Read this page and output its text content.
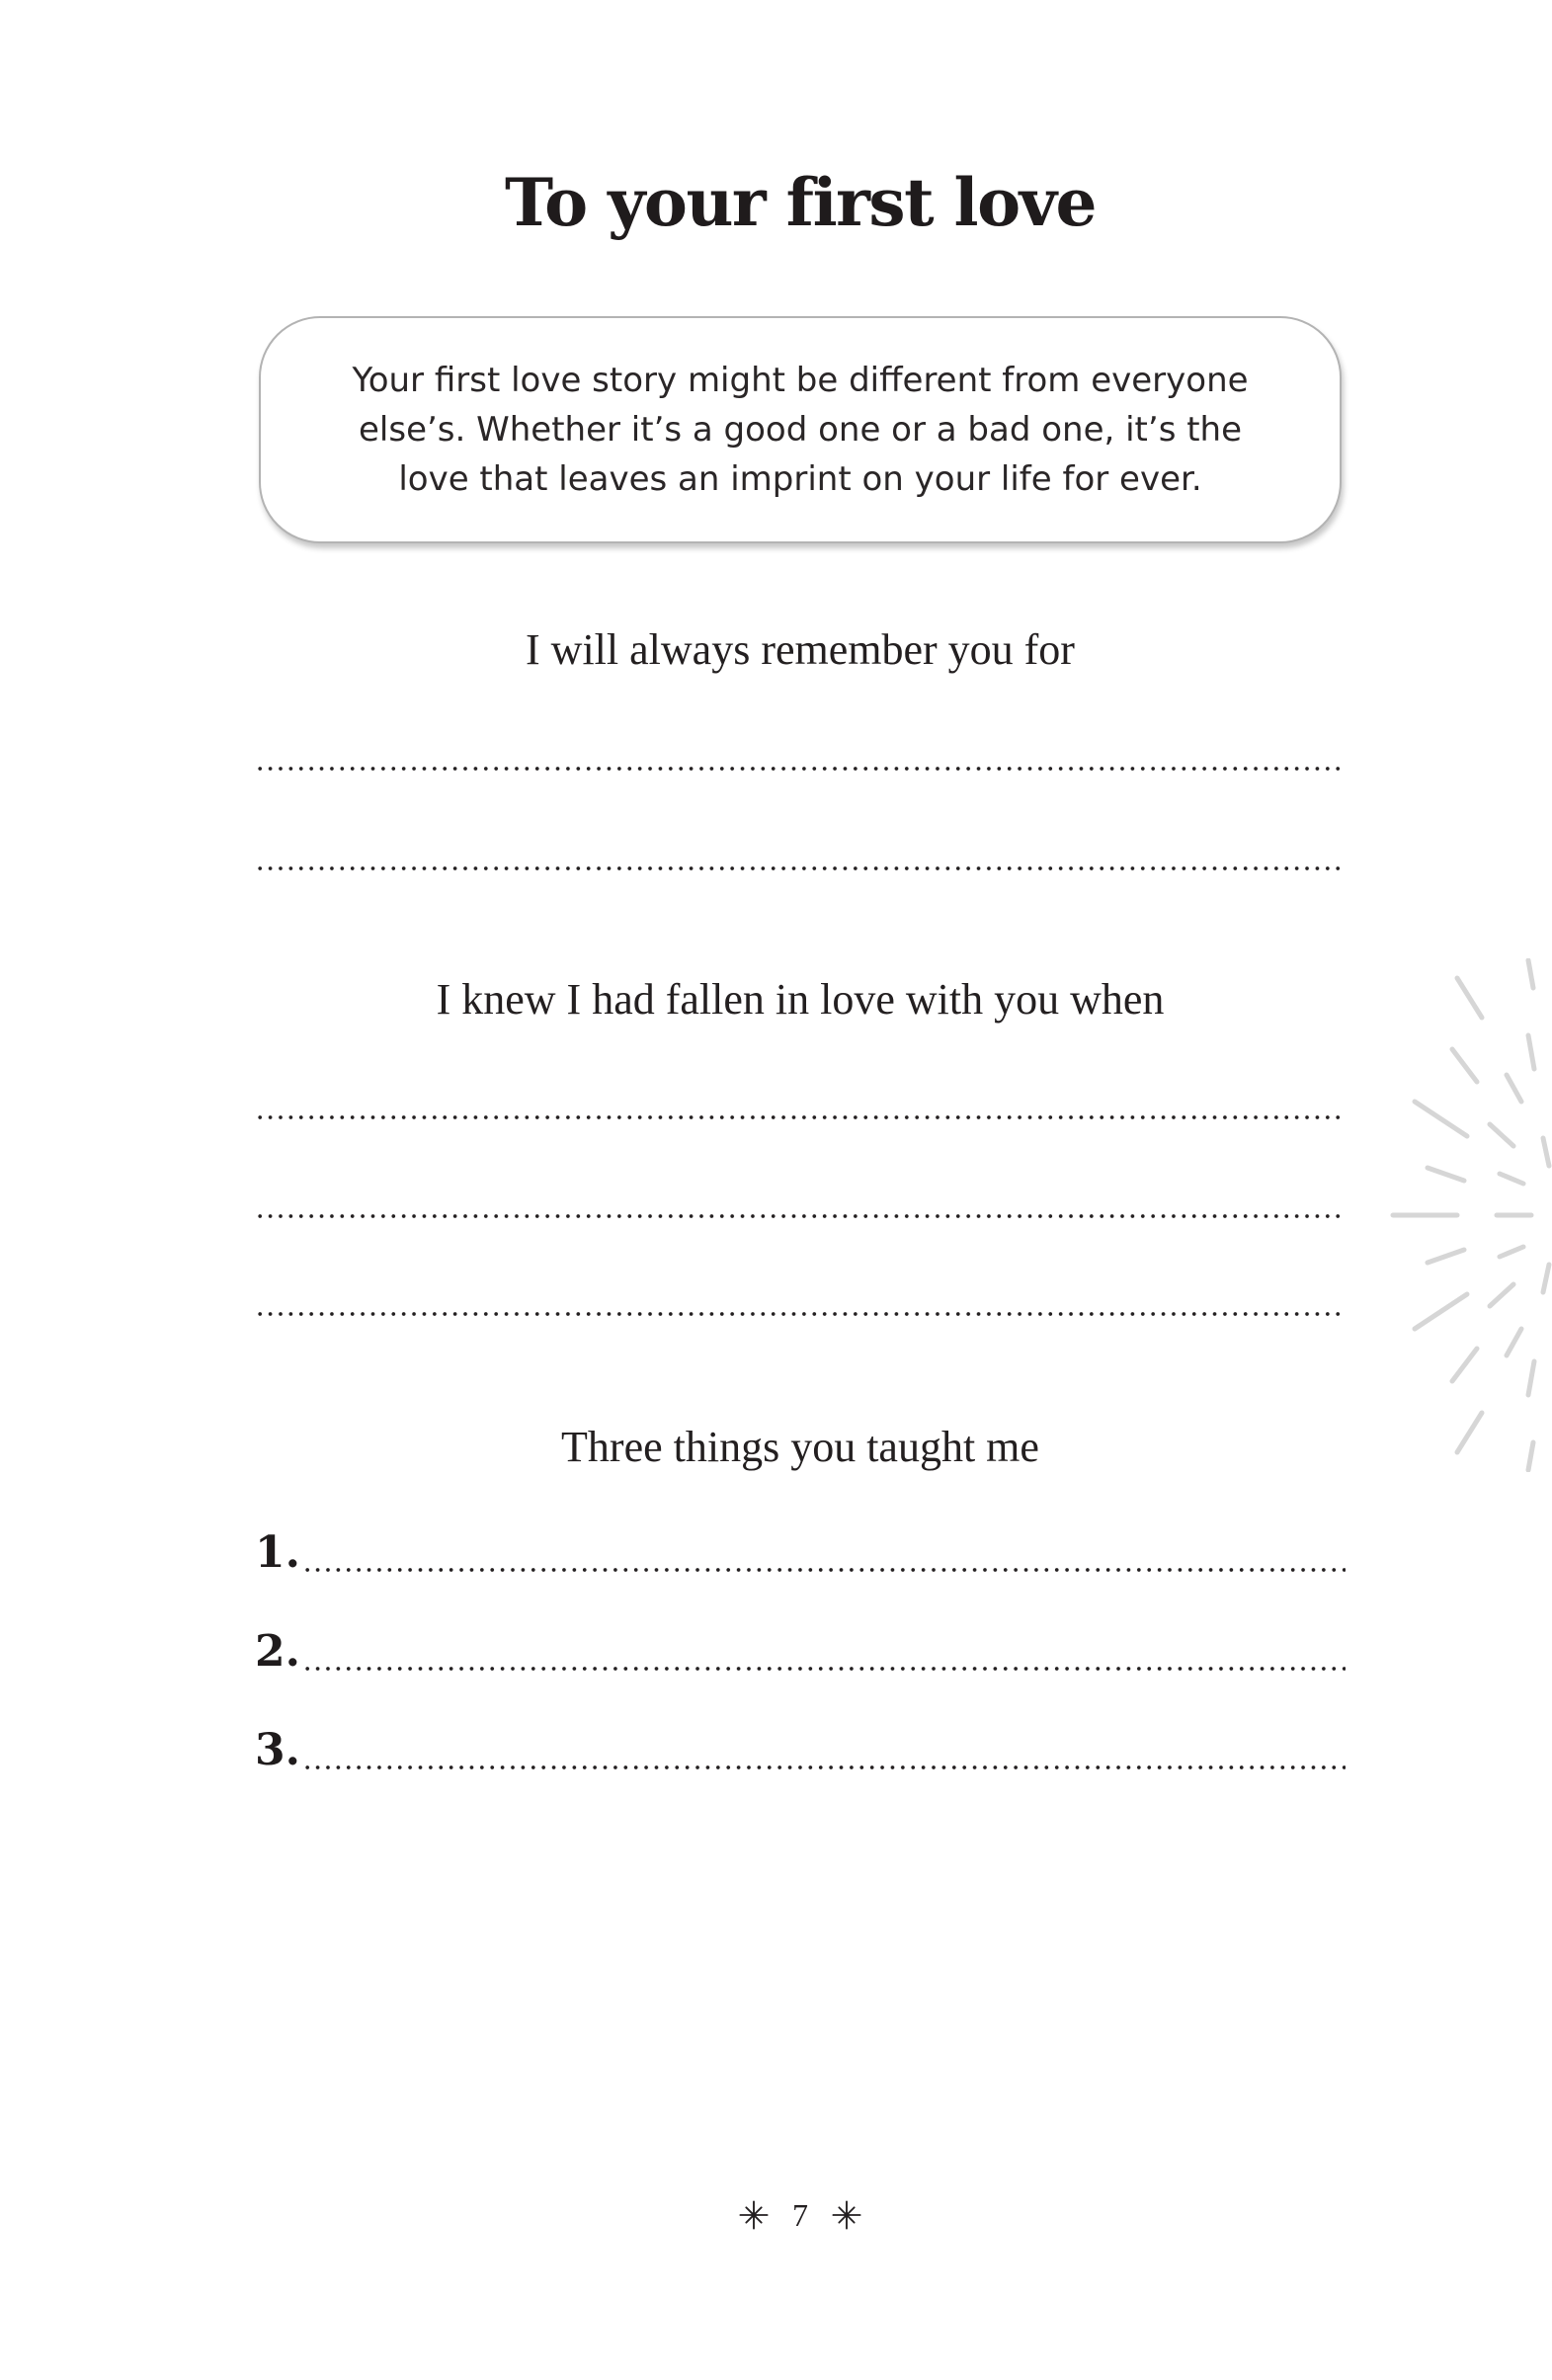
To your first love

Your first love story might be different from everyone else’s. Whether it’s a good one or a bad one, it’s the love that leaves an imprint on your life for ever.

I will always remember you for
I knew I had fallen in love with you when
Three things you taught me
1.
2.
3.
7
